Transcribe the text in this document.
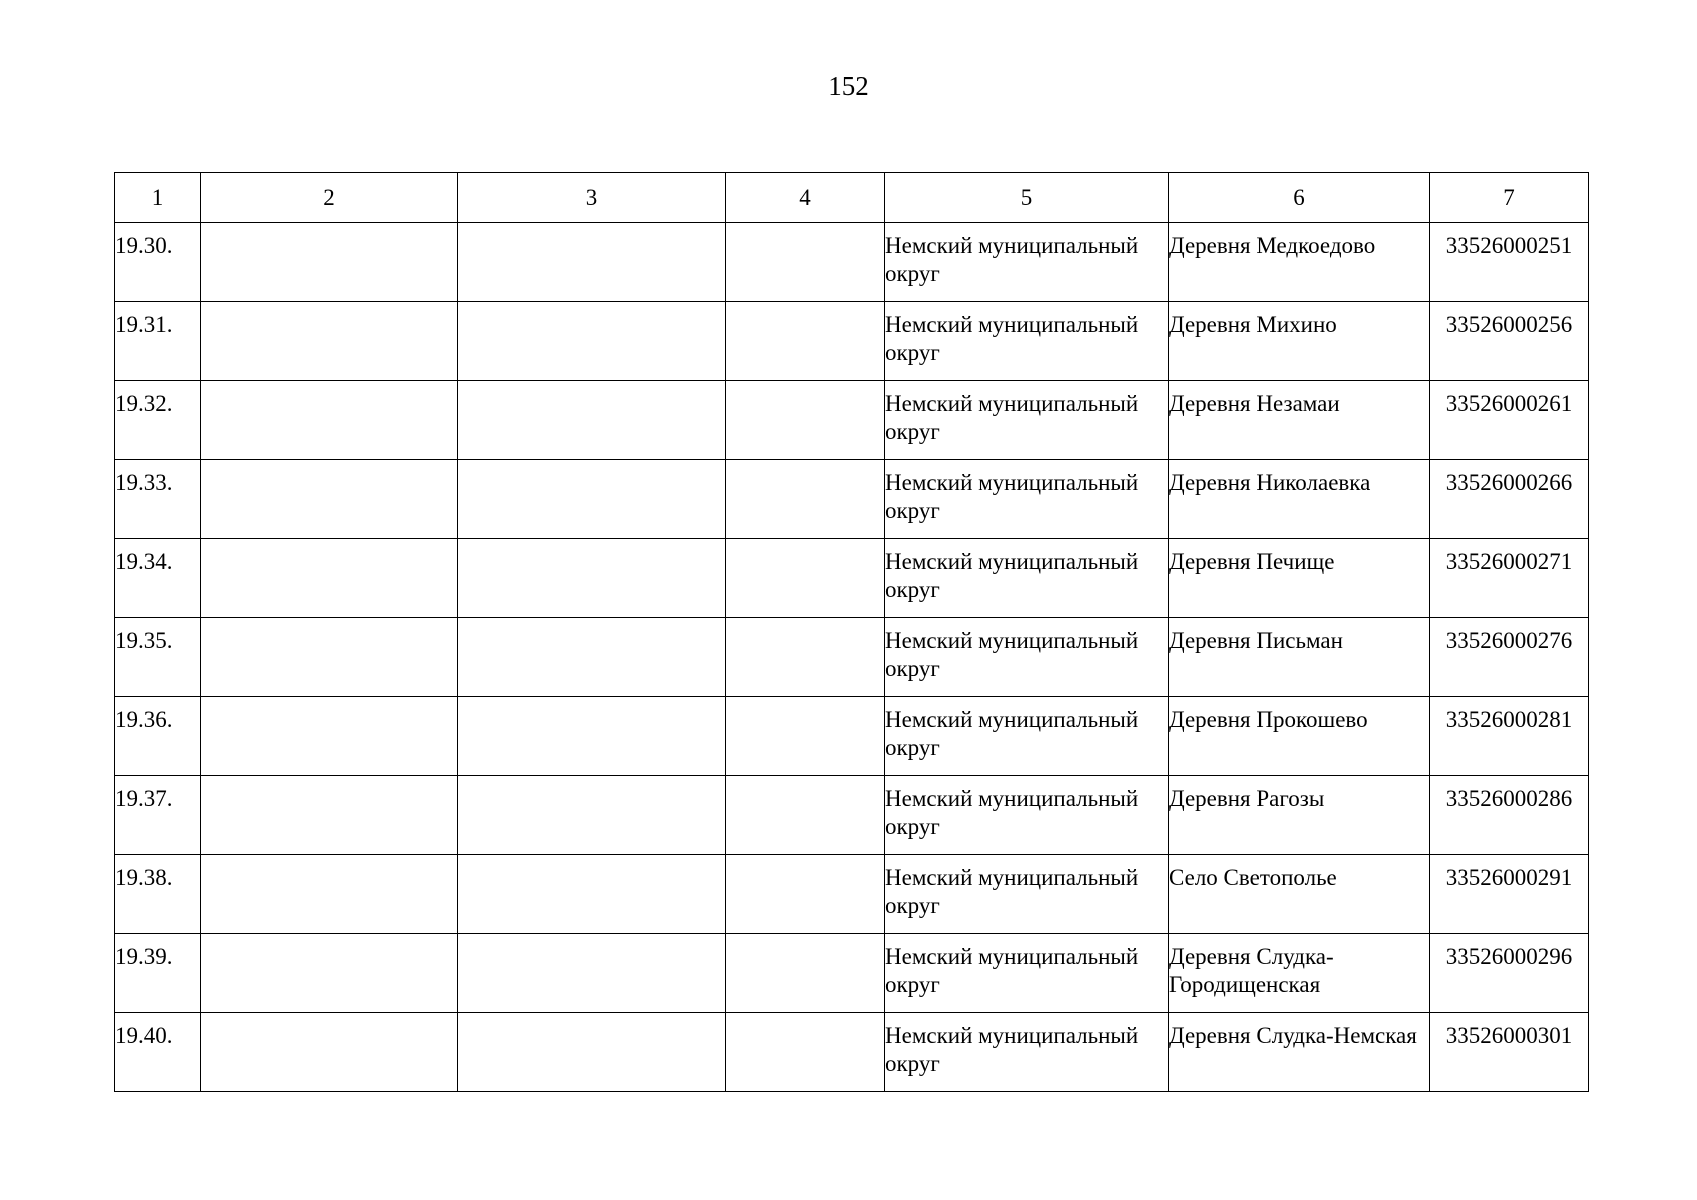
152
1	2	3	4	5	6	7
19.30.				Немский муниципальный округ	Деревня Медкоедово	33526000251
19.31.				Немский муниципальный округ	Деревня Михино	33526000256
19.32.				Немский муниципальный округ	Деревня Незамаи	33526000261
19.33.				Немский муниципальный округ	Деревня Николаевка	33526000266
19.34.				Немский муниципальный округ	Деревня Печище	33526000271
19.35.				Немский муниципальный округ	Деревня Письман	33526000276
19.36.				Немский муниципальный округ	Деревня Прокошево	33526000281
19.37.				Немский муниципальный округ	Деревня Рагозы	33526000286
19.38.				Немский муниципальный округ	Село Светополье	33526000291
19.39.				Немский муниципальный округ	Деревня Слудка-Городищенская	33526000296
19.40.				Немский муниципальный округ	Деревня Слудка-Немская	33526000301
